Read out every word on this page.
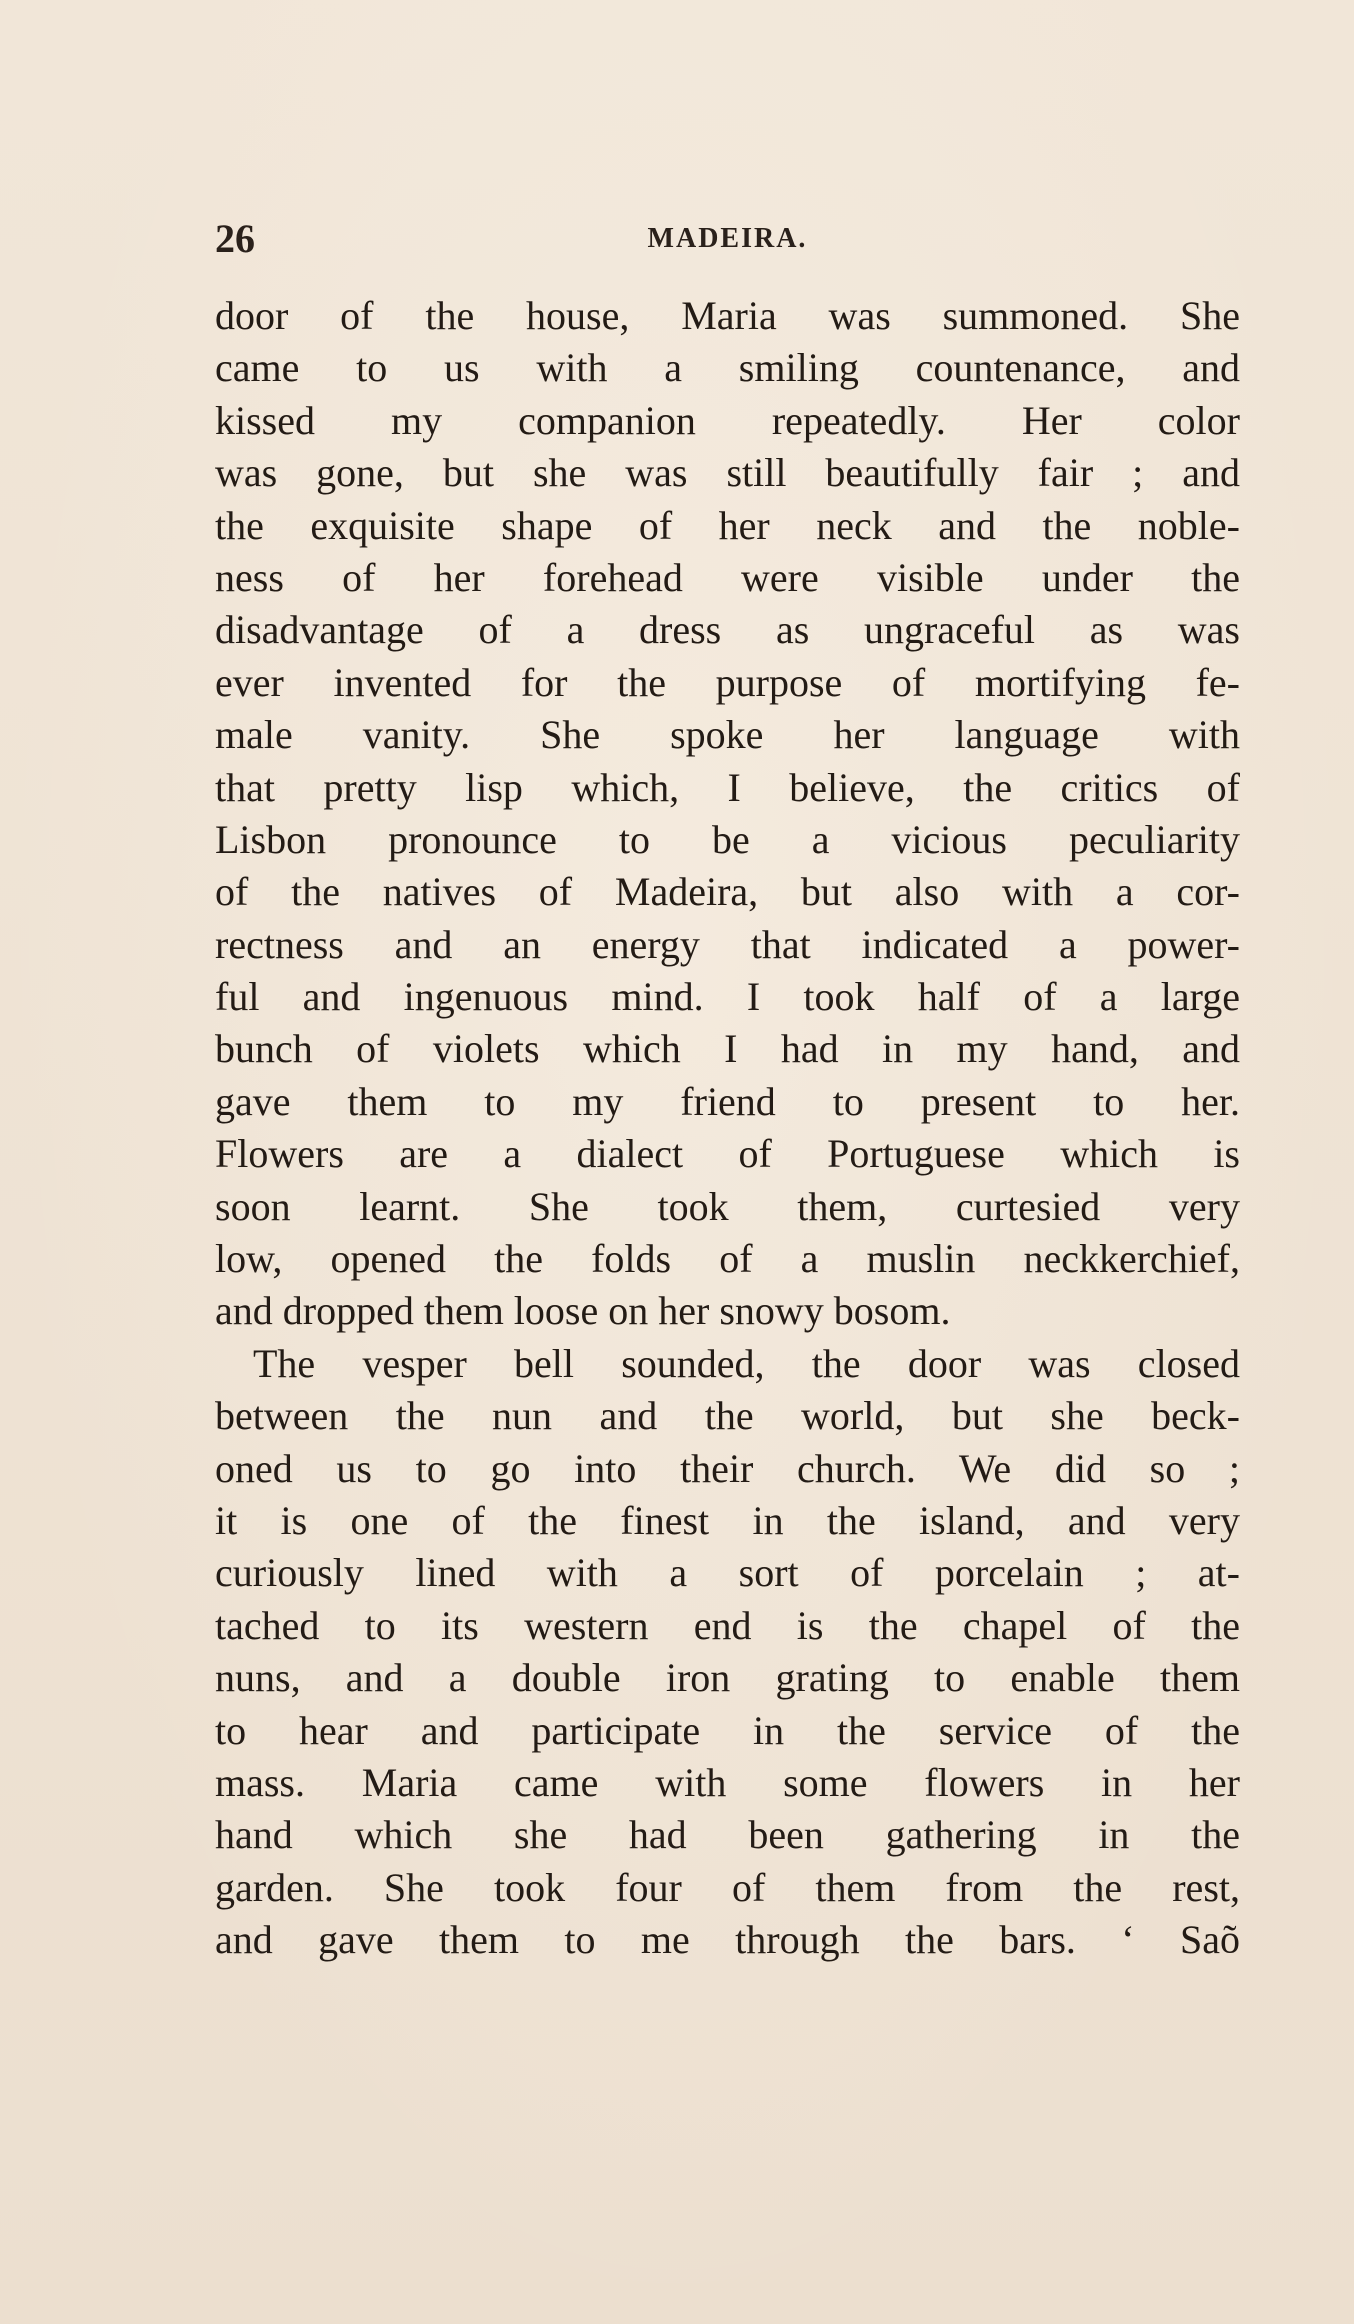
26	MADEIRA.
door of the house, Maria was summoned. She
came to us with a smiling countenance, and
kissed my companion repeatedly. Her color
was gone, but she was still beautifully fair ; and
the exquisite shape of her neck and the noble-
ness of her forehead were visible under the
disadvantage of a dress as ungraceful as was
ever invented for the purpose of mortifying fe-
male vanity. She spoke her language with
that pretty lisp which, I believe, the critics of
Lisbon pronounce to be a vicious peculiarity
of the natives of Madeira, but also with a cor-
rectness and an energy that indicated a power-
ful and ingenuous mind. I took half of a large
bunch of violets which I had in my hand, and
gave them to my friend to present to her.
Flowers are a dialect of Portuguese which is
soon learnt. She took them, curtesied very
low, opened the folds of a muslin neckkerchief,
and dropped them loose on her snowy bosom.
The vesper bell sounded, the door was closed
between the nun and the world, but she beck-
oned us to go into their church. We did so ;
it is one of the finest in the island, and very
curiously lined with a sort of porcelain ; at-
tached to its western end is the chapel of the
nuns, and a double iron grating to enable them
to hear and participate in the service of the
mass. Maria came with some flowers in her
hand which she had been gathering in the
garden. She took four of them from the rest,
and gave them to me through the bars. ‘ Saõ
